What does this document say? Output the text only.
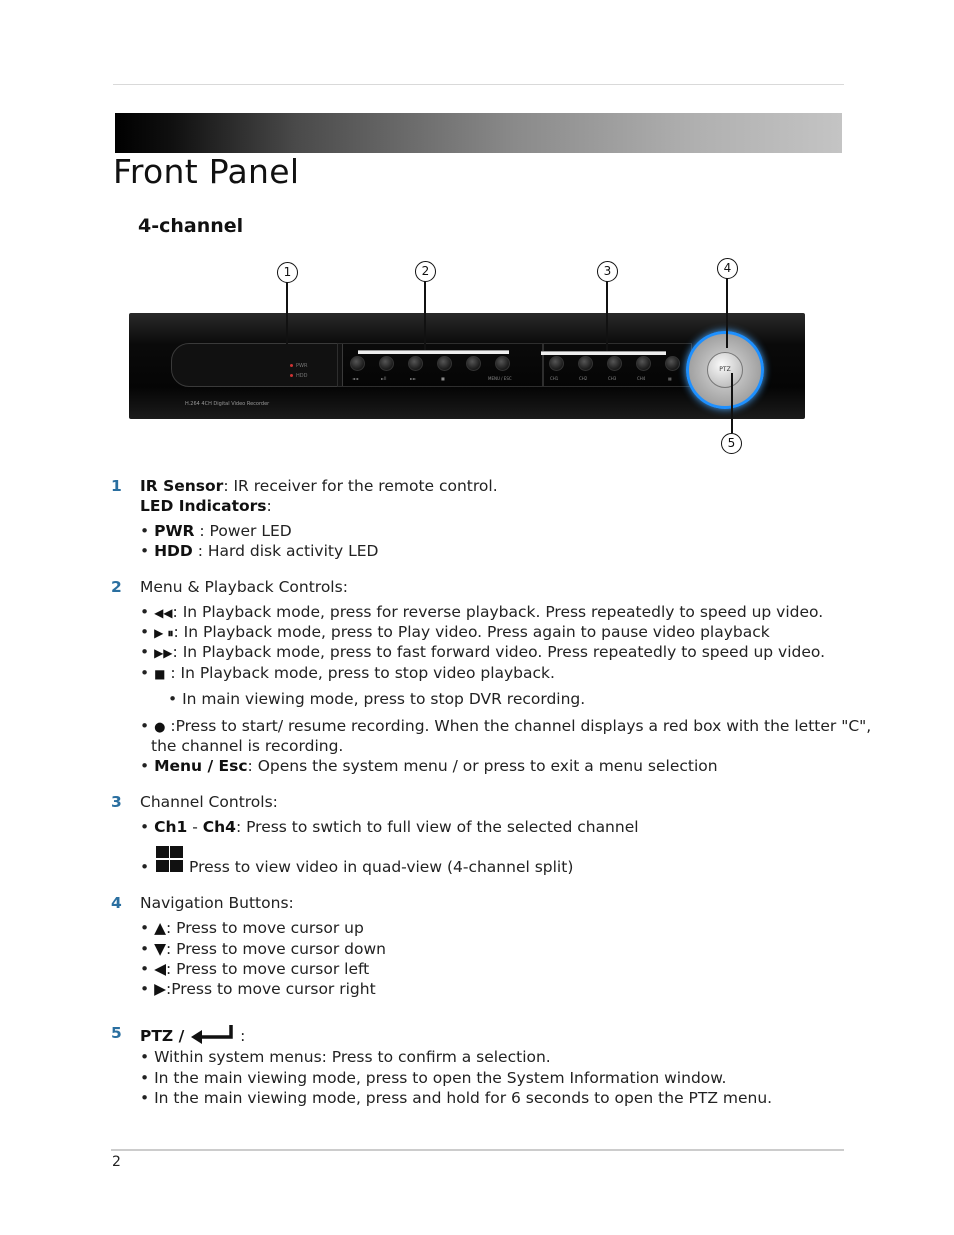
Front Panel
4-channel
1	2	3	4
5
PWR
HDD
H.264 4CH Digital Video Recorder
◄◄	►II	►►	■	MENU / ESC	CH1	CH2	CH3	CH4	▦
PTZ
1 IR Sensor: IR receiver for the remote control.
LED Indicators:
• PWR : Power LED
• HDD : Hard disk activity LED
2 Menu & Playback Controls:
• ◀◀: In Playback mode, press for reverse playback. Press repeatedly to speed up video.
• ▶ ⏸: In Playback mode, press to Play video. Press again to pause video playback
• ▶▶: In Playback mode, press to fast forward video. Press repeatedly to speed up video.
• ■ : In Playback mode, press to stop video playback.
• In main viewing mode, press to stop DVR recording.
• ● :Press to start/ resume recording. When the channel displays a red box with the letter "C",
the channel is recording.
• Menu / Esc: Opens the system menu / or press to exit a menu selection
3 Channel Controls:
• Ch1 - Ch4: Press to swtich to full view of the selected channel
•
Press to view video in quad-view (4-channel split)
4 Navigation Buttons:
• ▲: Press to move cursor up
• ▼: Press to move cursor down
• ◀: Press to move cursor left
• ▶:Press to move cursor right
5 PTZ /	:
• Within system menus: Press to confirm a selection.
• In the main viewing mode, press to open the System Information window.
• In the main viewing mode, press and hold for 6 seconds to open the PTZ menu.
2
